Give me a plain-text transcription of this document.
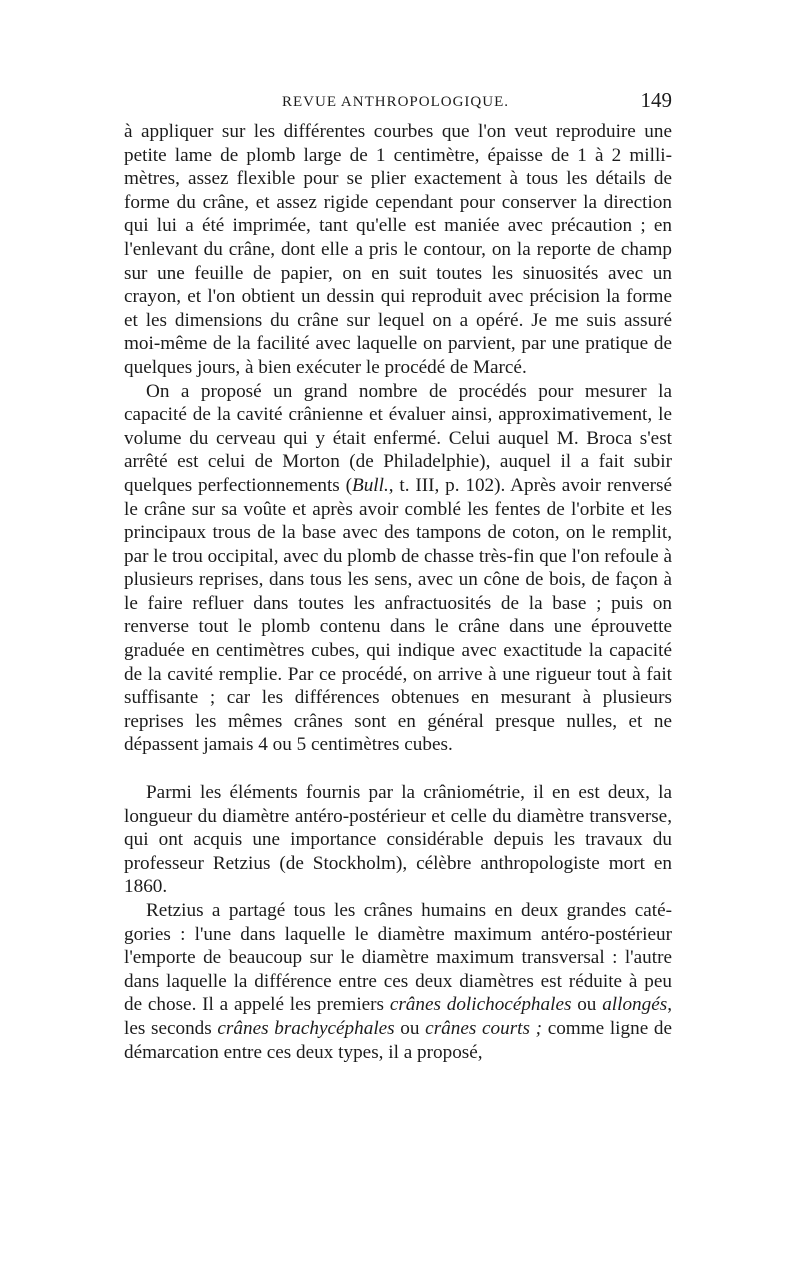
REVUE ANTHROPOLOGIQUE.	149

à appliquer sur les différentes courbes que l'on veut reproduire une petite lame de plomb large de 1 centimètre, épaisse de 1 à 2 millimètres, assez flexible pour se plier exactement à tous les détails de forme du crâne, et assez rigide cependant pour conserver la direction qui lui a été imprimée, tant qu'elle est maniée avec précaution ; en l'enlevant du crâne, dont elle a pris le contour, on la reporte de champ sur une feuille de papier, on en suit toutes les sinuosités avec un crayon, et l'on obtient un dessin qui reproduit avec précision la forme et les dimensions du crâne sur lequel on a opéré. Je me suis assuré moi-même de la facilité avec laquelle on parvient, par une pratique de quelques jours, à bien exécuter le procédé de Marcé.

On a proposé un grand nombre de procédés pour mesurer la capacité de la cavité crânienne et évaluer ainsi, approximativement, le volume du cerveau qui y était enfermé. Celui auquel M. Broca s'est arrêté est celui de Morton (de Philadelphie), auquel il a fait subir quelques perfectionnements (Bull., t. III, p. 102). Après avoir renversé le crâne sur sa voûte et après avoir comblé les fentes de l'orbite et les principaux trous de la base avec des tampons de coton, on le remplit, par le trou occipital, avec du plomb de chasse très-fin que l'on refoule à plusieurs reprises, dans tous les sens, avec un cône de bois, de façon à le faire refluer dans toutes les anfractuosités de la base ; puis on renverse tout le plomb contenu dans le crâne dans une éprouvette graduée en centimètres cubes, qui indique avec exactitude la capacité de la cavité remplie. Par ce procédé, on arrive à une rigueur tout à fait suffisante ; car les différences obtenues en mesurant à plusieurs reprises les mêmes crânes sont en général presque nulles, et ne dépassent jamais 4 ou 5 centimètres cubes.

Parmi les éléments fournis par la crâniométrie, il en est deux, la longueur du diamètre antéro-postérieur et celle du diamètre transverse, qui ont acquis une importance considérable depuis les travaux du professeur Retzius (de Stockholm), célèbre anthropologiste mort en 1860.

Retzius a partagé tous les crânes humains en deux grandes catégories : l'une dans laquelle le diamètre maximum antéro-postérieur l'emporte de beaucoup sur le diamètre maximum transversal : l'autre dans laquelle la différence entre ces deux diamètres est réduite à peu de chose. Il a appelé les premiers crânes dolichocéphales ou allongés, les seconds crânes brachycéphales ou crânes courts ; comme ligne de démarcation entre ces deux types, il a proposé,
